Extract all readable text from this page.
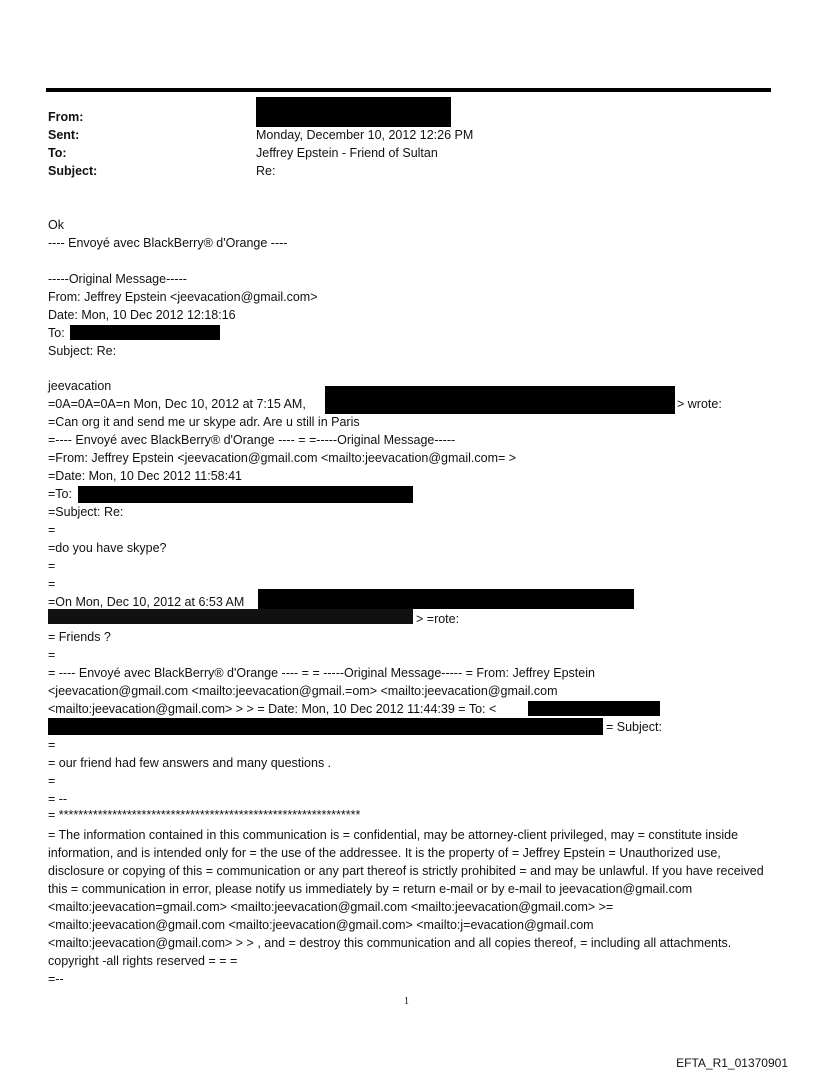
From:
Sent:	Monday, December 10, 2012 12:26 PM
To:	Jeffrey Epstein - Friend of Sultan
Subject:	Re:
Ok
---- Envoyé avec BlackBerry® d'Orange ----
-----Original Message-----
From: Jeffrey Epstein <jeevacation@gmail.com>
Date: Mon, 10 Dec 2012 12:18:16
To:
Subject: Re:
jeevacation
=0A=0A=0A=n Mon, Dec 10, 2012 at 7:15 AM,	> wrote:
=Can org it and send me ur skype adr. Are u still in Paris
=---- Envoyé avec BlackBerry® d'Orange ---- = =-----Original Message-----
=From: Jeffrey Epstein <jeevacation@gmail.com <mailto:jeevacation@gmail.com= >
=Date: Mon, 10 Dec 2012 11:58:41
=To:
=Subject: Re:
=
=do you have skype?
=
=
=On Mon, Dec 10, 2012 at 6:53 AM
> =rote:
= Friends ?
=
= ---- Envoyé avec BlackBerry® d'Orange ---- = = -----Original Message----- = From: Jeffrey Epstein
<jeevacation@gmail.com <mailto:jeevacation@gmail.=om> <mailto:jeevacation@gmail.com
<mailto:jeevacation@gmail.com> > > = Date: Mon, 10 Dec 2012 11:44:39 = To: <
= Subject:
=
= our friend had few answers and many questions .
=
= --
= **************************************************************
= The information contained in this communication is = confidential, may be attorney-client privileged, may = constitute inside information, and is intended only for = the use of the addressee. It is the property of = Jeffrey Epstein = Unauthorized use, disclosure or copying of this = communication or any part thereof is strictly prohibited = and may be unlawful. If you have received this = communication in error, please notify us immediately by = return e-mail or by e-mail to jeevacation@gmail.com <mailto:jeevacation=gmail.com> <mailto:jeevacation@gmail.com <mailto:jeevacation@gmail.com> >= <mailto:jeevacation@gmail.com <mailto:jeevacation@gmail.com> <mailto:j=evacation@gmail.com <mailto:jeevacation@gmail.com> > > , and = destroy this communication and all copies thereof, = including all attachments. copyright -all rights reserved = = =
=--
1
EFTA_R1_01370901
